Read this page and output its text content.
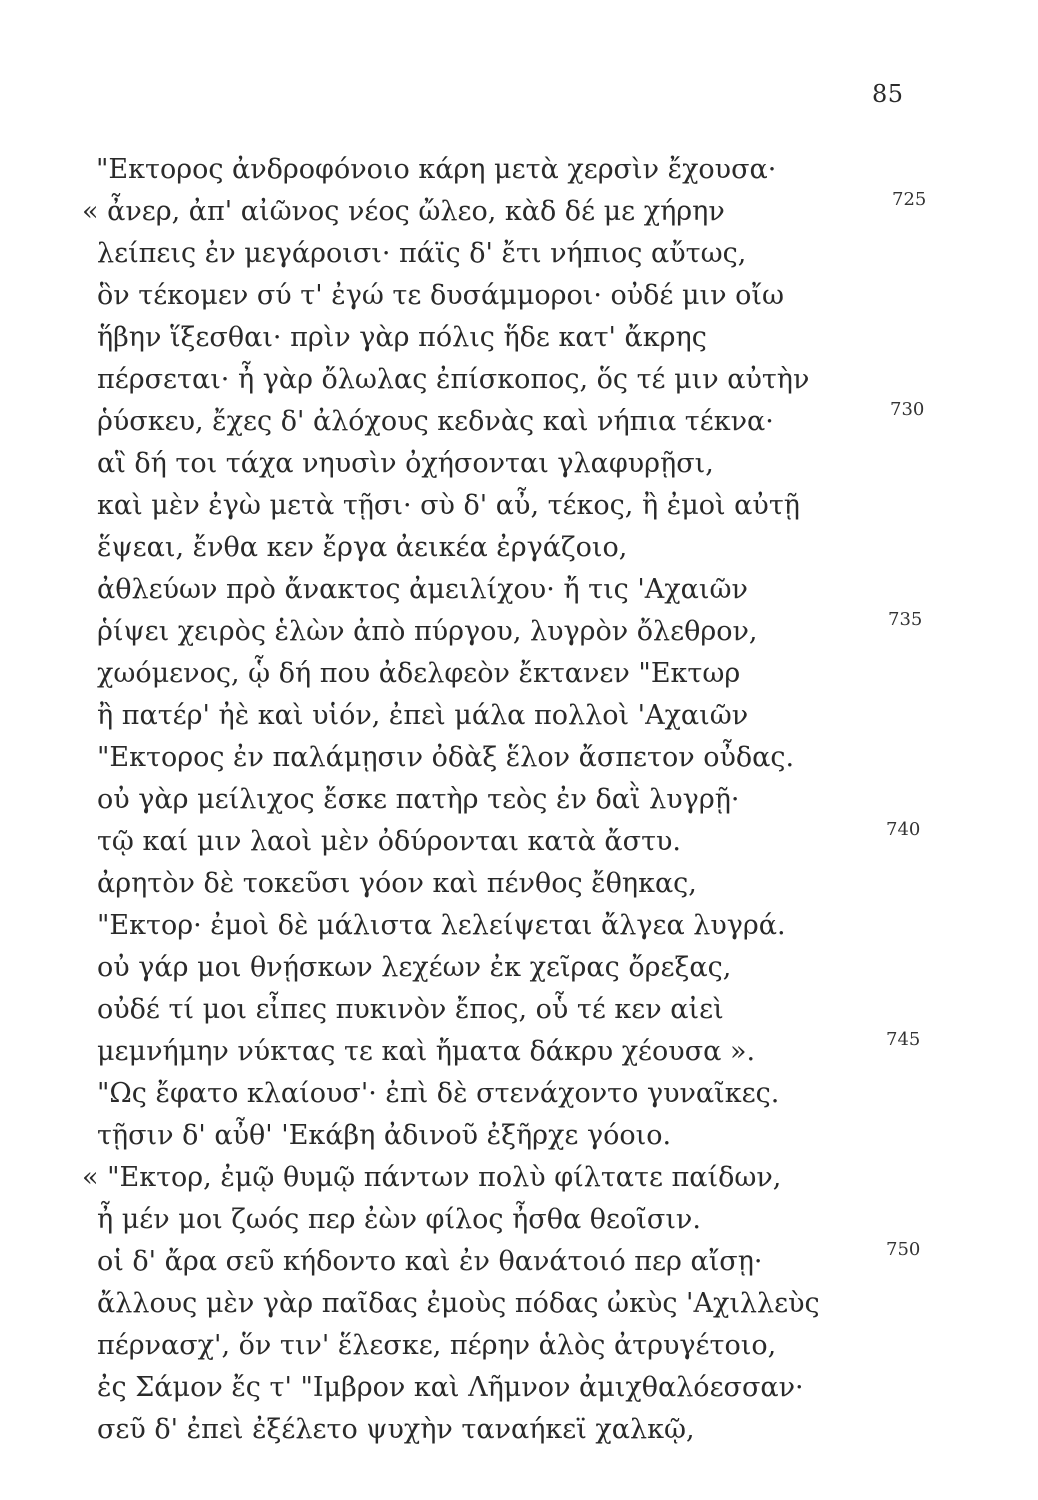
85
"Εκτορος ἀνδροφόνοιο κάρη μετὰ χερσὶν ἔχουσα·
« ἆνερ, ἀπ' αἰῶνος νέος ὤλεο, κὰδ δέ με χήρην
λείπεις ἐν μεγάροισι· πάϊς δ' ἔτι νήπιος αὔτως,
ὃν τέκομεν σύ τ' ἐγώ τε δυσάμμοροι· οὐδέ μιν οἴω
ἥβην ἵξεσθαι· πρὶν γὰρ πόλις ἥδε κατ' ἄκρης
πέρσεται· ἦ γὰρ ὄλωλας ἐπίσκοπος, ὅς τέ μιν αὐτὴν
ῥύσκευ, ἔχες δ' ἀλόχους κεδνὰς καὶ νήπια τέκνα·
αἳ δή τοι τάχα νηυσὶν ὀχήσονται γλαφυρῇσι,
καὶ μὲν ἐγὼ μετὰ τῇσι· σὺ δ' αὖ, τέκος, ἢ ἐμοὶ αὐτῇ
ἕψεαι, ἔνθα κεν ἔργα ἀεικέα ἐργάζοιο,
ἀθλεύων πρὸ ἄνακτος ἀμειλίχου· ἤ τις 'Αχαιῶν
ῥίψει χειρὸς ἑλὼν ἀπὸ πύργου, λυγρὸν ὄλεθρον,
χωόμενος, ᾧ δή που ἀδελφεὸν ἔκτανεν "Εκτωρ
ἢ πατέρ' ἠὲ καὶ υἱόν, ἐπεὶ μάλα πολλοὶ 'Αχαιῶν
"Εκτορος ἐν παλάμῃσιν ὀδὰξ ἕλον ἄσπετον οὖδας.
οὐ γὰρ μείλιχος ἔσκε πατὴρ τεὸς ἐν δαῒ λυγρῇ·
τῷ καί μιν λαοὶ μὲν ὀδύρονται κατὰ ἄστυ.
ἀρητὸν δὲ τοκεῦσι γόον καὶ πένθος ἔθηκας,
"Εκτορ· ἐμοὶ δὲ μάλιστα λελείψεται ἄλγεα λυγρά.
οὐ γάρ μοι θνῄσκων λεχέων ἐκ χεῖρας ὄρεξας,
οὐδέ τί μοι εἶπες πυκινὸν ἔπος, οὗ τέ κεν αἰεὶ
μεμνήμην νύκτας τε καὶ ἤματα δάκρυ χέουσα ».
"Ως ἔφατο κλαίουσ'· ἐπὶ δὲ στενάχοντο γυναῖκες.
τῇσιν δ' αὖθ' 'Εκάβη ἀδινοῦ ἐξῆρχε γόοιο.
« "Εκτορ, ἐμῷ θυμῷ πάντων πολὺ φίλτατε παίδων,
ἦ μέν μοι ζωός περ ἐὼν φίλος ἦσθα θεοῖσιν.
οἱ δ' ἄρα σεῦ κήδοντο καὶ ἐν θανάτοιό περ αἴσῃ·
ἄλλους μὲν γὰρ παῖδας ἐμοὺς πόδας ὠκὺς 'Αχιλλεὺς
πέρνασχ', ὅν τιν' ἕλεσκε, πέρην ἁλὸς ἀτρυγέτοιο,
ἐς Σάμον ἔς τ' "Ιμβρον καὶ Λῆμνον ἀμιχθαλόεσσαν·
σεῦ δ' ἐπεὶ ἐξέλετο ψυχὴν ταναήκεϊ χαλκῷ,
725
730
735
740
745
750
